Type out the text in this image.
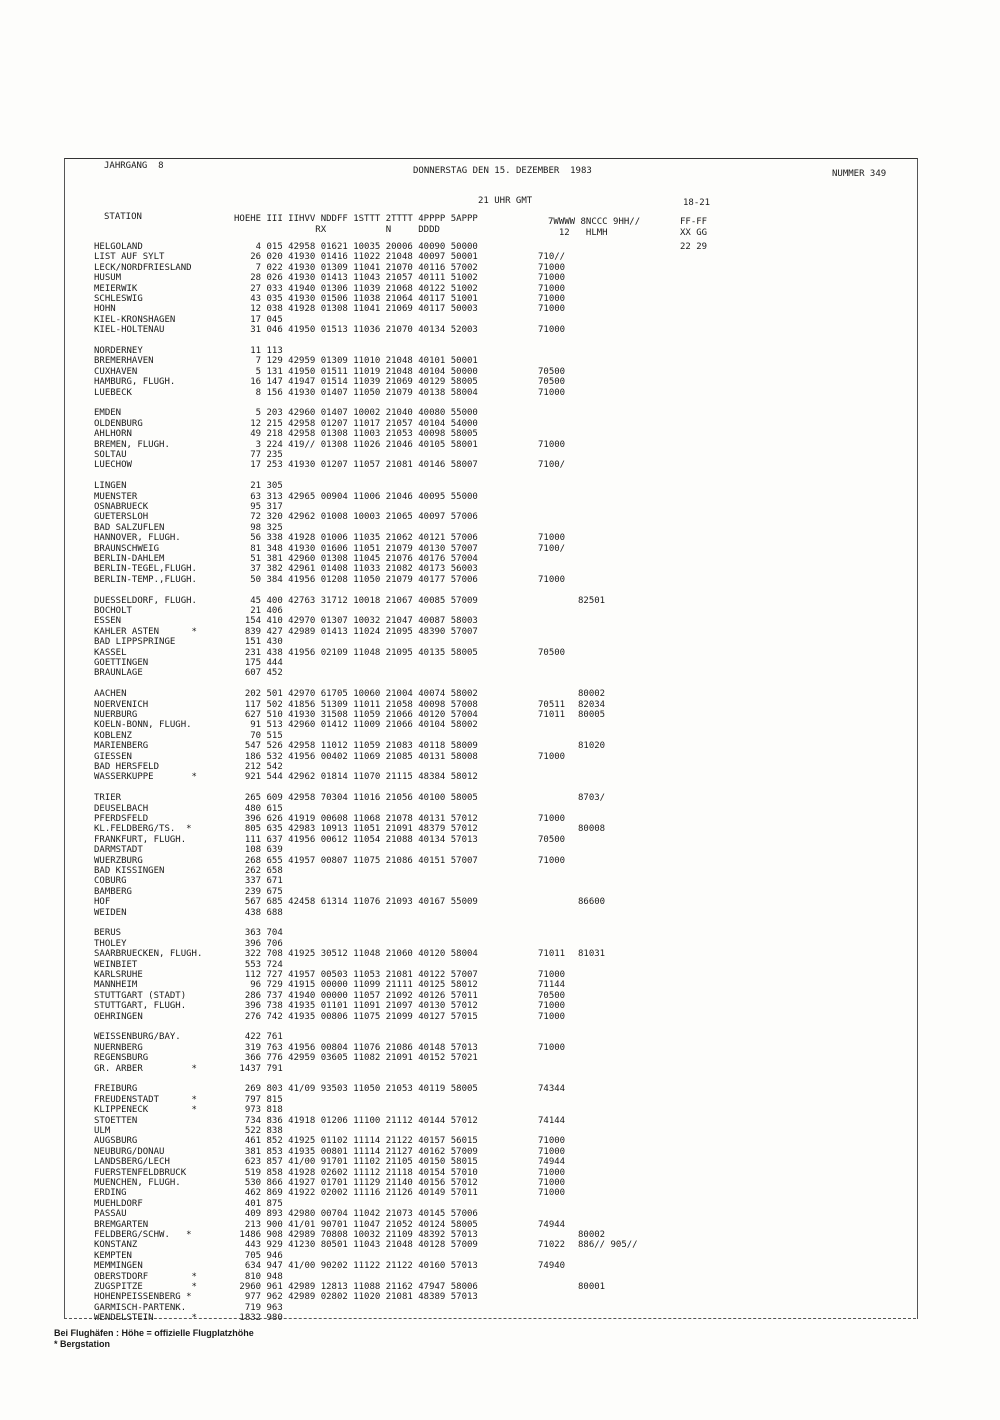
JAHRGANG  8	DONNERSTAG DEN 15. DEZEMBER  1983	NUMMER 349
21 UHR GMT	18-21
STATION	HOEHE III IIHVV NDDFF 1STTT 2TTTT 4PPPP 5APPP
RX           N     DDDD
7WWWW 8NCCC 9HH//
12   HLMH
FF-FF
XX GG
HELGOLAND	4 015 42958 01621 10035 20006 40090 50000	22 29
LIST AUF SYLT	26 020 41930 01416 11022 21048 40097 50001	710//
LECK/NORDFRIESLAND	7 022 41930 01309 11041 21070 40116 57002	71000
HUSUM	28 026 41930 01413 11043 21057 40111 51002	71000
MEIERWIK	27 033 41940 01306 11039 21068 40122 51002	71000
SCHLESWIG	43 035 41930 01506 11038 21064 40117 51001	71000
HOHN	12 038 41928 01308 11041 21069 40117 50003	71000
KIEL-KRONSHAGEN	17 045
KIEL-HOLTENAU	31 046 41950 01513 11036 21070 40134 52003	71000
NORDERNEY	11 113
BREMERHAVEN	7 129 42959 01309 11010 21048 40101 50001
CUXHAVEN	5 131 41950 01511 11019 21048 40104 50000	70500
HAMBURG, FLUGH.	16 147 41947 01514 11039 21069 40129 58005	70500
LUEBECK	8 156 41930 01407 11050 21079 40138 58004	71000
EMDEN	5 203 42960 01407 10002 21040 40080 55000
OLDENBURG	12 215 42958 01207 11017 21057 40104 54000
AHLHORN	49 218 42958 01308 11003 21053 40098 58005
BREMEN, FLUGH.	3 224 419// 01308 11026 21046 40105 58001	71000
SOLTAU	77 235
LUECHOW	17 253 41930 01207 11057 21081 40146 58007	7100/
LINGEN	21 305
MUENSTER	63 313 42965 00904 11006 21046 40095 55000
OSNABRUECK	95 317
GUETERSLOH	72 320 42962 01008 10003 21065 40097 57006
BAD SALZUFLEN	98 325
HANNOVER, FLUGH.	56 338 41928 01006 11035 21062 40121 57006	71000
BRAUNSCHWEIG	81 348 41930 01606 11051 21079 40130 57007	7100/
BERLIN-DAHLEM	51 381 42960 01308 11045 21076 40176 57004
BERLIN-TEGEL,FLUGH.	37 382 42961 01408 11033 21082 40173 56003
BERLIN-TEMP.,FLUGH.	50 384 41956 01208 11050 21079 40177 57006	71000
DUESSELDORF, FLUGH.	45 400 42763 31712 10018 21067 40085 57009	82501
BOCHOLT	21 406
ESSEN	154 410 42970 01307 10032 21047 40087 58003
KAHLER ASTEN      *	839 427 42989 01413 11024 21095 48390 57007
BAD LIPPSPRINGE	151 430
KASSEL	231 438 41956 02109 11048 21095 40135 58005	70500
GOETTINGEN	175 444
BRAUNLAGE	607 452
AACHEN	202 501 42970 61705 10060 21004 40074 58002	80002
NOERVENICH	117 502 41856 51309 11011 21058 40098 57008	70511 82034
NUERBURG	627 510 41930 31508 11059 21066 40120 57004	71011 80005
KOELN-BONN, FLUGH.	91 513 42960 01412 11009 21066 40104 58002
KOBLENZ	70 515
MARIENBERG	547 526 42958 11012 11059 21083 40118 58009	81020
GIESSEN	186 532 41956 00402 11069 21085 40131 58008	71000
BAD HERSFELD	212 542
WASSERKUPPE       *	921 544 42962 01814 11070 21115 48384 58012
TRIER	265 609 42958 70304 11016 21056 40100 58005	8703/
DEUSELBACH	480 615
PFERDSFELD	396 626 41919 00608 11068 21078 40131 57012	71000
KL.FELDBERG/TS.  *	805 635 42983 10913 11051 21091 48379 57012	80008
FRANKFURT, FLUGH.	111 637 41956 00612 11054 21088 40134 57013	70500
DARMSTADT	108 639
WUERZBURG	268 655 41957 00807 11075 21086 40151 57007	71000
BAD KISSINGEN	262 658
COBURG	337 671
BAMBERG	239 675
HOF	567 685 42458 61314 11076 21093 40167 55009	86600
WEIDEN	438 688
BERUS	363 704
THOLEY	396 706
SAARBRUECKEN, FLUGH.	322 708 41925 30512 11048 21060 40120 58004	71011 81031
WEINBIET	553 724
KARLSRUHE	112 727 41957 00503 11053 21081 40122 57007	71000
MANNHEIM	96 729 41915 00000 11099 21111 40125 58012	71144
STUTTGART (STADT)	286 737 41940 00000 11057 21092 40126 57011	70500
STUTTGART, FLUGH.	396 738 41935 01101 11091 21097 40130 57012	71000
OEHRINGEN	276 742 41935 00806 11075 21099 40127 57015	71000
WEISSENBURG/BAY.	422 761
NUERNBERG	319 763 41956 00804 11076 21086 40148 57013	71000
REGENSBURG	366 776 42959 03605 11082 21091 40152 57021
GR. ARBER         *	1437 791
FREIBURG	269 803 41/09 93503 11050 21053 40119 58005	74344
FREUDENSTADT      *	797 815
KLIPPENECK        *	973 818
STOETTEN	734 836 41918 01206 11100 21112 40144 57012	74144
ULM	522 838
AUGSBURG	461 852 41925 01102 11114 21122 40157 56015	71000
NEUBURG/DONAU	381 853 41935 00801 11114 21127 40162 57009	71000
LANDSBERG/LECH	623 857 41/00 91701 11102 21105 40150 58015	74944
FUERSTENFELDBRUCK	519 858 41928 02602 11112 21118 40154 57010	71000
MUENCHEN, FLUGH.	530 866 41927 01701 11129 21140 40156 57012	71000
ERDING	462 869 41922 02002 11116 21126 40149 57011	71000
MUEHLDORF	401 875
PASSAU	409 893 42980 00704 11042 21073 40145 57006
BREMGARTEN	213 900 41/01 90701 11047 21052 40124 58005	74944
FELDBERG/SCHW.   *	1486 908 42989 70808 10032 21109 48392 57013	80002
KONSTANZ	443 929 41230 80501 11043 21048 40128 57009	71022 886// 905//
KEMPTEN	705 946
MEMMINGEN	634 947 41/00 90202 11122 21122 40160 57013	74940
OBERSTDORF        *	810 948
ZUGSPITZE         *	2960 961 42989 12813 11088 21162 47947 58006	80001
HOHENPEISSENBERG *	977 962 42989 02802 11020 21081 48389 57013
GARMISCH-PARTENK.	719 963
WENDELSTEIN       *	1832 980
Bei Flughäfen : Höhe = offizielle Flugplatzhöhe
* Bergstation
